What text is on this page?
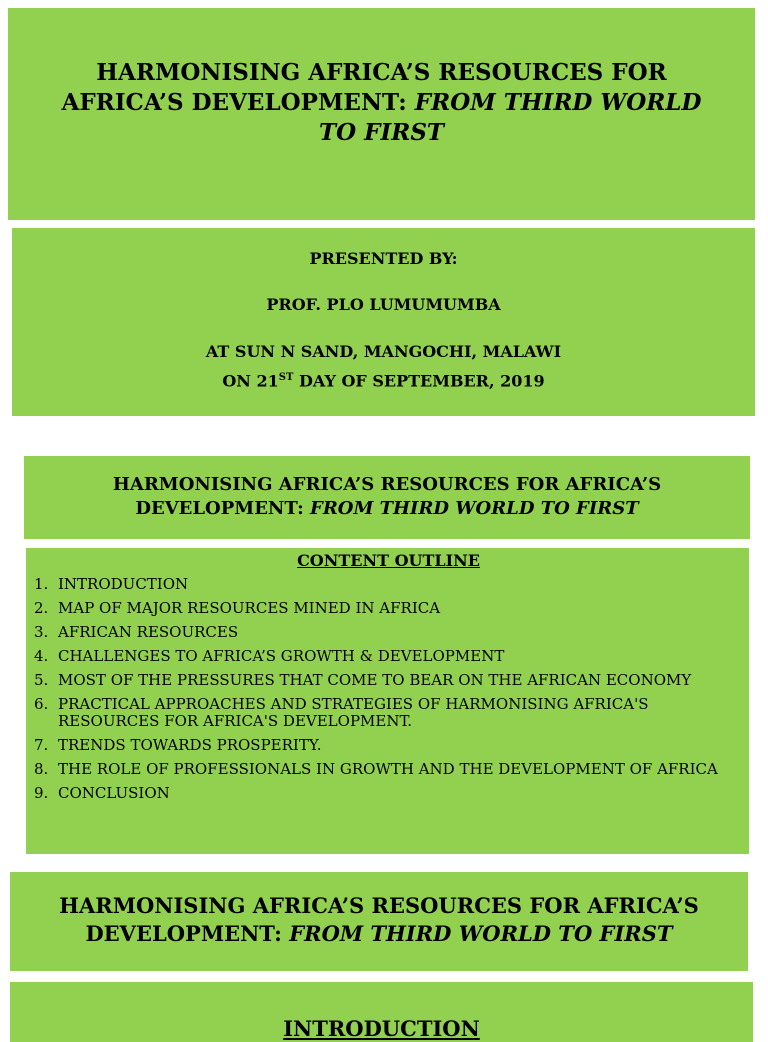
HARMONISING AFRICA’S RESOURCES FOR
AFRICA’S DEVELOPMENT: FROM THIRD WORLD
TO FIRST
PRESENTED BY:
PROF. PLO LUMUMUMBA
AT SUN N SAND, MANGOCHI, MALAWI
ON 21ST DAY OF SEPTEMBER, 2019
HARMONISING AFRICA’S RESOURCES FOR AFRICA’S
DEVELOPMENT: FROM THIRD WORLD TO FIRST
CONTENT OUTLINE
1. INTRODUCTION
2. MAP OF MAJOR RESOURCES MINED IN AFRICA
3. AFRICAN RESOURCES
4. CHALLENGES TO AFRICA’S GROWTH & DEVELOPMENT
5. MOST OF THE PRESSURES THAT COME TO BEAR ON THE AFRICAN ECONOMY
6. PRACTICAL APPROACHES AND STRATEGIES OF HARMONISING AFRICA'S RESOURCES FOR AFRICA'S DEVELOPMENT.
7. TRENDS TOWARDS PROSPERITY.
8. THE ROLE OF PROFESSIONALS IN GROWTH AND THE DEVELOPMENT OF AFRICA
9. CONCLUSION
HARMONISING AFRICA’S RESOURCES FOR AFRICA’S
DEVELOPMENT: FROM THIRD WORLD TO FIRST
INTRODUCTION
